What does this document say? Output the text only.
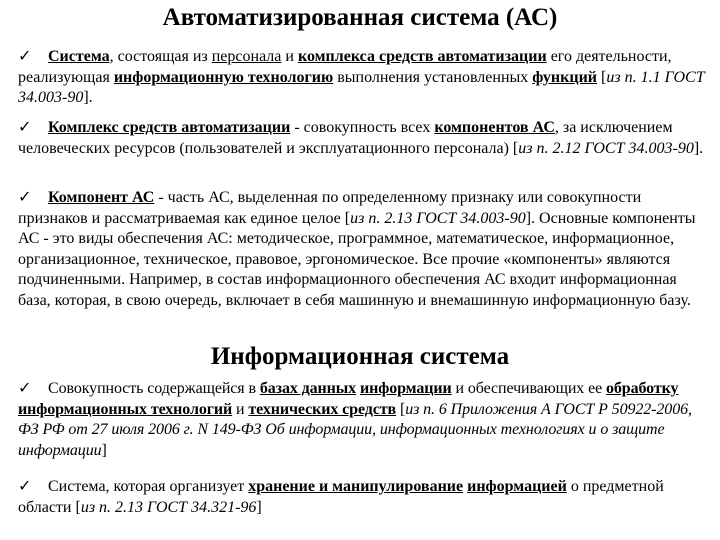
Автоматизированная система (АС)

✓ Система, состоящая из персонала и комплекса средств автоматизации его деятельности, реализующая информационную технологию выполнения установленных функций [из п. 1.1 ГОСТ 34.003-90].

✓ Комплекс средств автоматизации - совокупность всех компонентов АС, за исключением человеческих ресурсов (пользователей и эксплуатационного персонала) [из п. 2.12 ГОСТ 34.003-90].

✓ Компонент АС - часть АС, выделенная по определенному признаку или совокупности признаков и рассматриваемая как единое целое [из п. 2.13 ГОСТ 34.003-90]. Основные компоненты АС - это виды обеспечения АС: методическое, программное, математическое, информационное, организационное, техническое, правовое, эргономическое. Все прочие «компоненты» являются подчиненными. Например, в состав информационного обеспечения АС входит информационная база, которая, в свою очередь, включает в себя машинную и внемашинную информационную базу.

Информационная система

✓ Совокупность содержащейся в базах данных информации и обеспечивающих ее обработку информационных технологий и технических средств [из п. 6 Приложения А ГОСТ Р 50922-2006, ФЗ РФ от 27 июля 2006 г. N 149-ФЗ Об информации, информационных технологиях и о защите информации]

✓ Система, которая организует хранение и манипулирование информацией о предметной области [из п. 2.13 ГОСТ 34.321-96]
